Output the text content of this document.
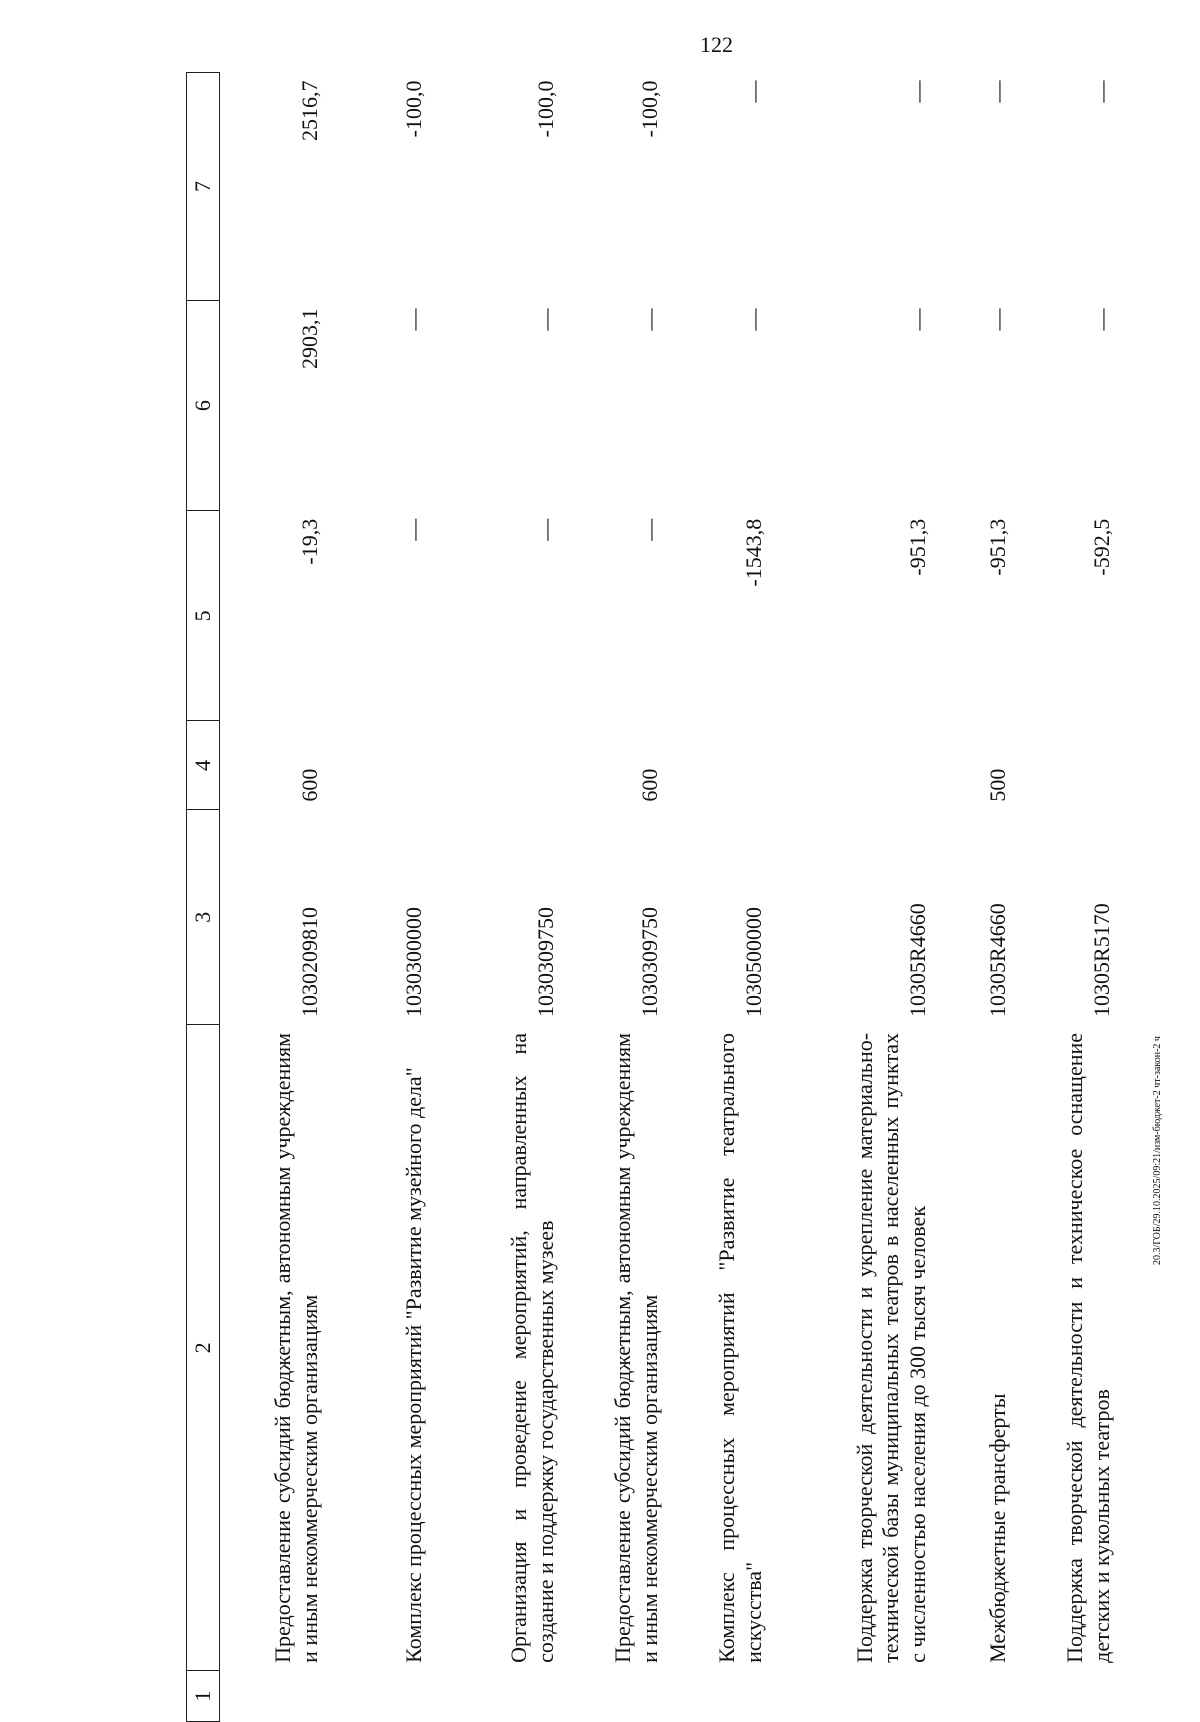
122
20.3/ГОБ/29.10.2025/09:21/изм-бюджет-2 чт-закон-2 ч
1	2	3	4	5	6	7
	Предоставление субсидий бюджетным, автономным учреждениям и иным некоммерческим организациям	1030209810	600	-19,3	2903,1	2516,7
	Комплекс процессных мероприятий "Развитие музейного дела"	1030300000		—	—	-100,0
	Организация и проведение мероприятий, направленных на создание и поддержку государственных музеев	1030309750		—	—	-100,0
	Предоставление субсидий бюджетным, автономным учреждениям и иным некоммерческим организациям	1030309750	600	—	—	-100,0
	Комплекс процессных мероприятий "Развитие театрального искусства"	1030500000		-1543,8	—	—
	Поддержка творческой деятельности и укрепление материально-технической базы муниципальных театров в населенных пунктах с численностью населения до 300 тысяч человек	10305R4660		-951,3	—	—
	Межбюджетные трансферты	10305R4660	500	-951,3	—	—
	Поддержка творческой деятельности и техническое оснащение детских и кукольных театров	10305R5170		-592,5	—	—
